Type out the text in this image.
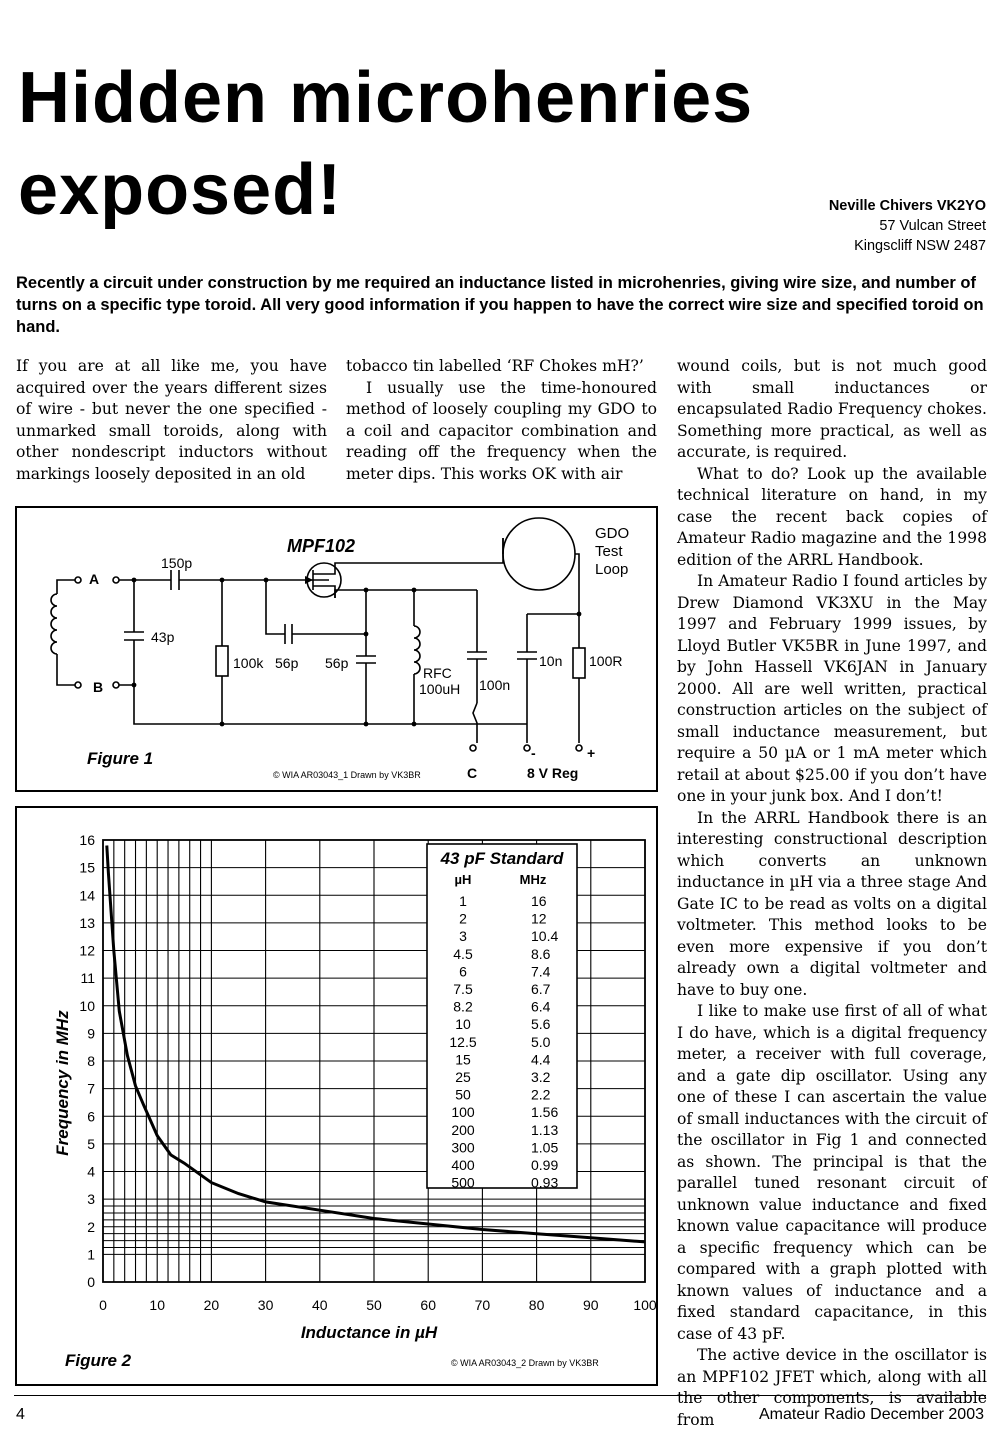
Hidden microhenries
exposed!	Neville Chivers VK2YO
57 Vulcan Street
Kingscliff NSW 2487

Recently a circuit under construction by me required an inductance listed in microhenries, giving wire size, and number of turns on a specific type toroid. All very good information if you happen to have the correct wire size and specified toroid on hand.

If you are at all like me, you have acquired over the years different sizes of wire - but never the one specified - unmarked small toroids, along with other nondescript inductors without markings loosely deposited in an old

tobacco tin labelled ‘RF Chokes mH?’

I usually use the time-honoured method of loosely coupling my GDO to a coil and capacitor combination and reading off the frequency when the meter dips. This works OK with air

wound coils, but is not much good with small inductances or encapsulated Radio Frequency chokes. Something more practical, as well as accurate, is required.

What to do? Look up the available technical literature on hand, in my case the recent back copies of Amateur Radio magazine and the 1998 edition of the ARRL Handbook.

In Amateur Radio I found articles by Drew Diamond VK3XU in the May 1997 and February 1999 issues, by Lloyd Butler VK5BR in June 1997, and by John Hassell VK6JAN in January 2000. All are well written, practical construction articles on the subject of small inductance measurement, but require a 50 µA or 1 mA meter which retail at about $25.00 if you don’t have one in your junk box. And I don’t!

In the ARRL Handbook there is an interesting constructional description which converts an unknown inductance in µH via a three stage And Gate IC to be read as volts on a digital voltmeter. This method looks to be even more expensive if you don’t already own a digital voltmeter and have to buy one.

I like to make use first of all of what I do have, which is a digital frequency meter, a receiver with full coverage, and a gate dip oscillator. Using any one of these I can ascertain the value of small inductances with the circuit of the oscillator in Fig 1 and connected as shown. The principal is that the parallel tuned resonant circuit of unknown value inductance and fixed known value capacitance will produce a specific frequency which can be compared with a graph plotted with known values of inductance and a fixed standard capacitance, in this case of 43 pF.

The active device in the oscillator is an MPF102 JFET which, along with all the other components, is available from

MPF102
GDO
Test
Loop
A
B
150p
43p
100k 56p 56p
RFC
100uH 100n
10n 100R
-	+
C	8 V Reg
Figure 1
© WIA AR03043_1 Drawn by VK3BR
0
1
2
3
4
5
6
7
8
9
10
11
12
13
14
15
16
0	10	20	30	40	50	60	70	80	90 100
Frequency in MHz
Inductance in µH
Figure 2	© WIA AR03043_2 Drawn by VK3BR
43 pF Standard
µH	MHz
1	16
2	12
3	10.4
4.5	8.6
6	7.4
7.5	6.7
8.2	6.4
10	5.6
12.5	5.0
15	4.4
25	3.2
50	2.2
100	1.56
200	1.13
300	1.05
400	0.99
500	0.93
4	Amateur Radio December 2003
